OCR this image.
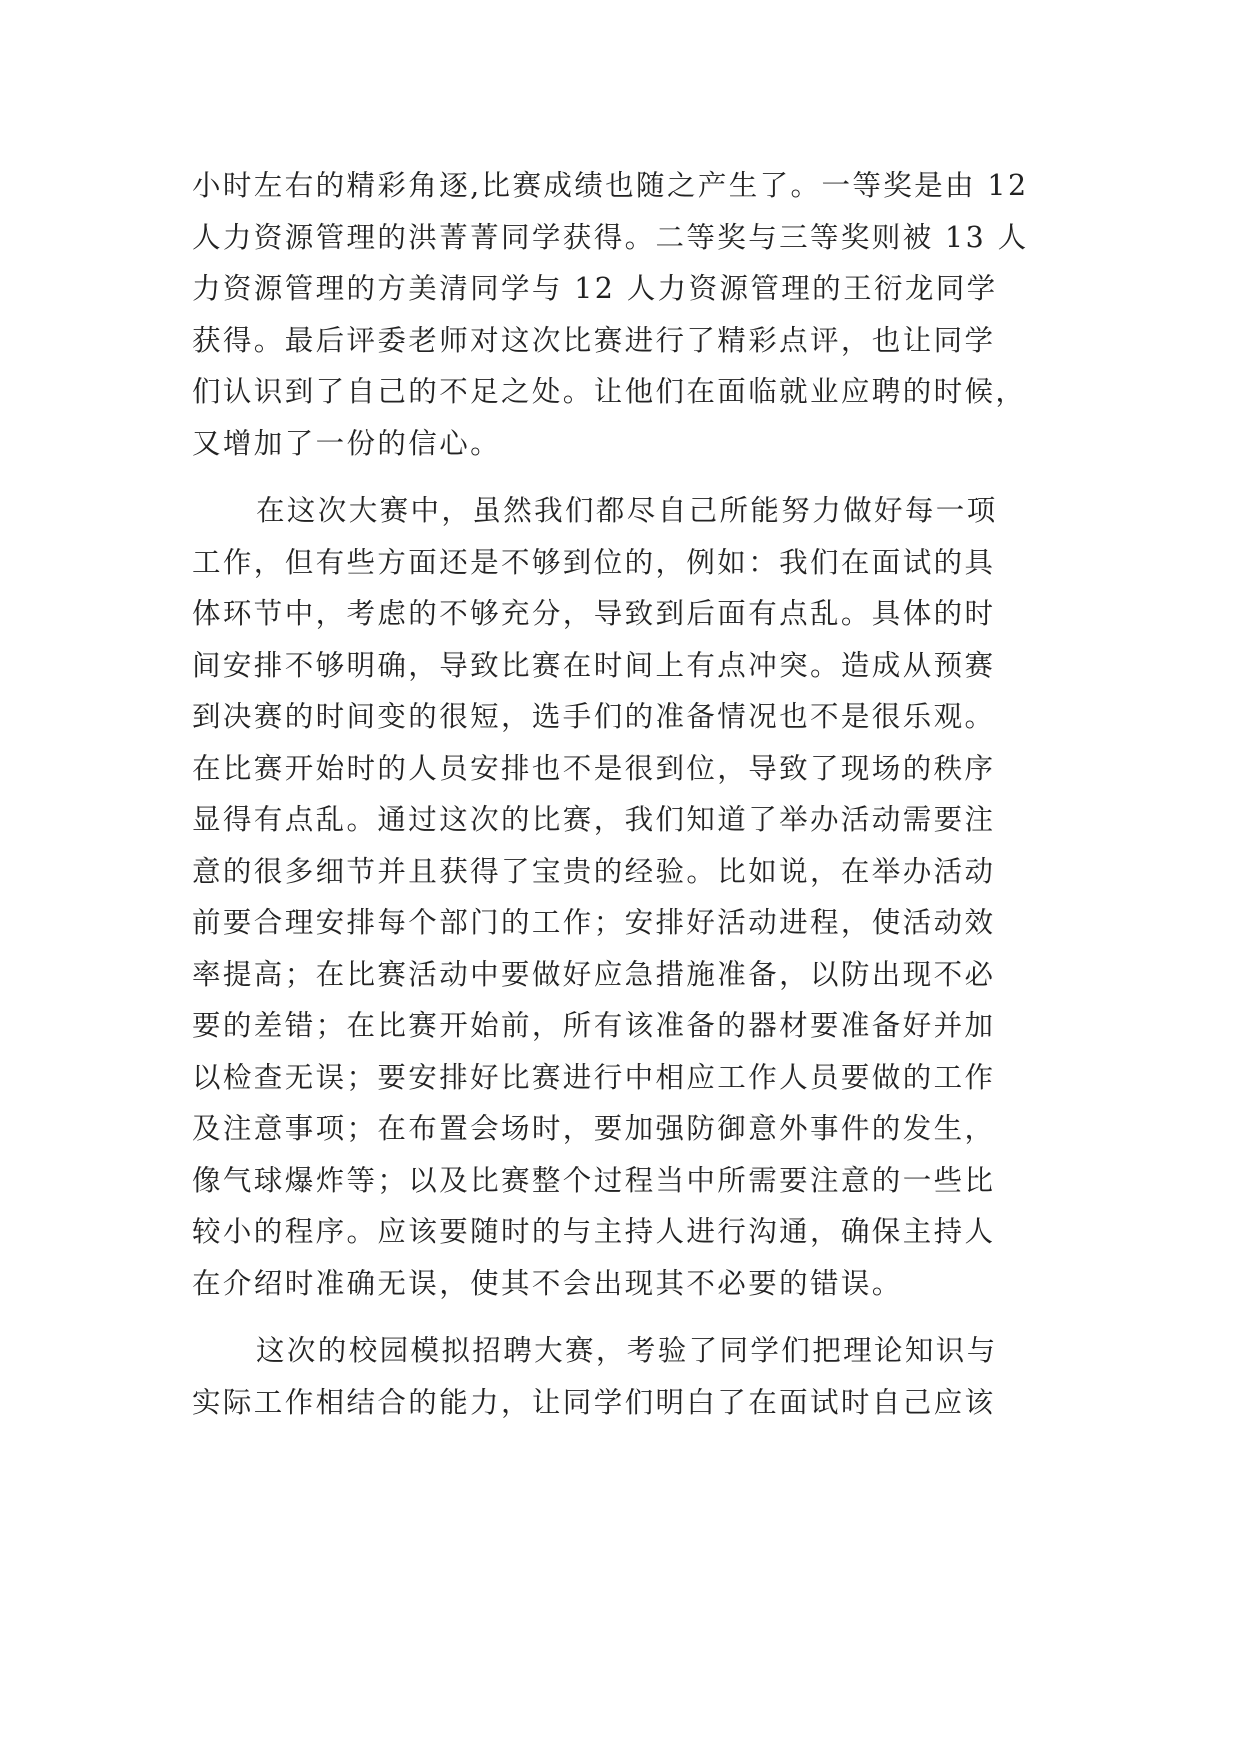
小时左右的精彩角逐,比赛成绩也随之产生了。一等奖是由 12
人力资源管理的洪菁菁同学获得。二等奖与三等奖则被 13 人
力资源管理的方美清同学与 12 人力资源管理的王衍龙同学
获得。最后评委老师对这次比赛进行了精彩点评，也让同学
们认识到了自己的不足之处。让他们在面临就业应聘的时候，
又增加了一份的信心。
在这次大赛中，虽然我们都尽自己所能努力做好每一项
工作，但有些方面还是不够到位的，例如：我们在面试的具
体环节中，考虑的不够充分，导致到后面有点乱。具体的时
间安排不够明确，导致比赛在时间上有点冲突。造成从预赛
到决赛的时间变的很短，选手们的准备情况也不是很乐观。
在比赛开始时的人员安排也不是很到位，导致了现场的秩序
显得有点乱。通过这次的比赛，我们知道了举办活动需要注
意的很多细节并且获得了宝贵的经验。比如说，在举办活动
前要合理安排每个部门的工作；安排好活动进程，使活动效
率提高；在比赛活动中要做好应急措施准备，以防出现不必
要的差错；在比赛开始前，所有该准备的器材要准备好并加
以检查无误；要安排好比赛进行中相应工作人员要做的工作
及注意事项；在布置会场时，要加强防御意外事件的发生，
像气球爆炸等；以及比赛整个过程当中所需要注意的一些比
较小的程序。应该要随时的与主持人进行沟通，确保主持人
在介绍时准确无误，使其不会出现其不必要的错误。
这次的校园模拟招聘大赛，考验了同学们把理论知识与
实际工作相结合的能力，让同学们明白了在面试时自己应该
